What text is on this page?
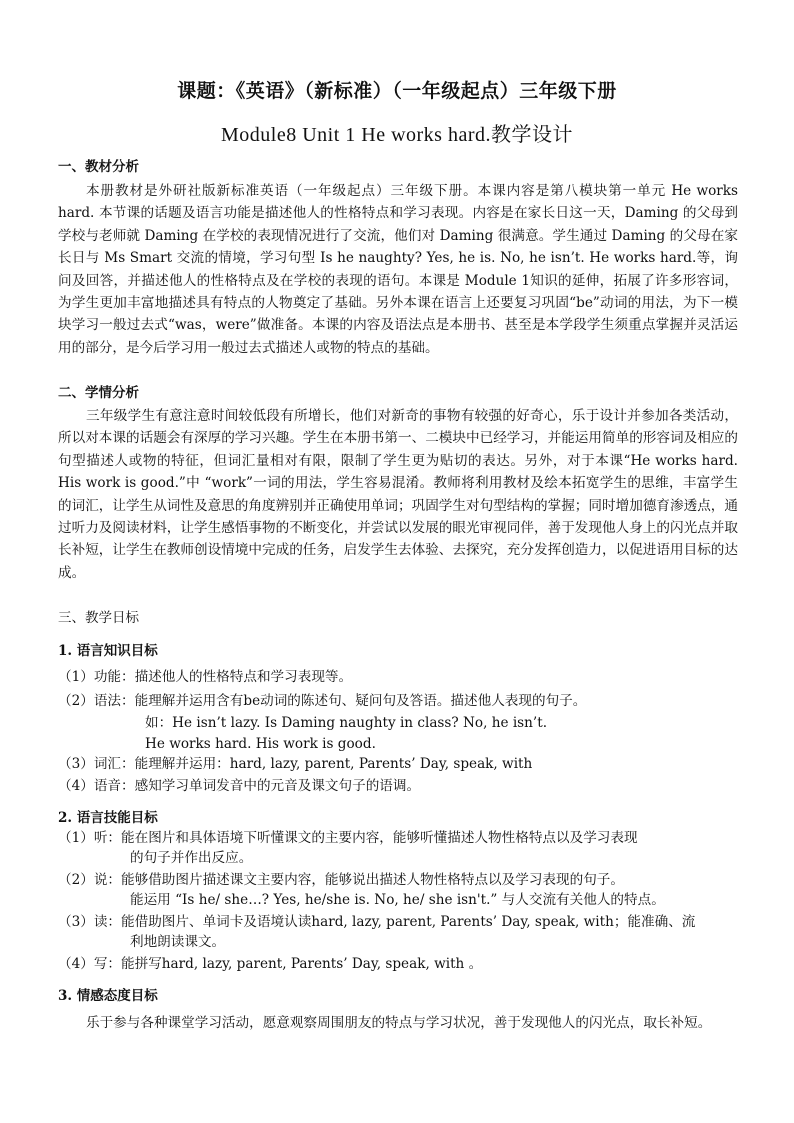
课题：《英语》（新标准）（一年级起点）三年级下册
Module8 Unit 1 He works hard.教学设计

一、教材分析

本册教材是外研社版新标准英语（一年级起点）三年级下册。本课内容是第八模块第一单元 He works hard. 本节课的话题及语言功能是描述他人的性格特点和学习表现。内容是在家长日这一天，Daming 的父母到学校与老师就 Daming 在学校的表现情况进行了交流，他们对 Daming 很满意。学生通过 Daming 的父母在家长日与 Ms Smart 交流的情境，学习句型 Is he naughty? Yes, he is. No, he isn’t. He works hard.等，询问及回答，并描述他人的性格特点及在学校的表现的语句。本课是 Module 1知识的延伸，拓展了许多形容词，为学生更加丰富地描述具有特点的人物奠定了基础。另外本课在语言上还要复习巩固“be”动词的用法，为下一模块学习一般过去式“was，were”做准备。本课的内容及语法点是本册书、甚至是本学段学生须重点掌握并灵活运用的部分，是今后学习用一般过去式描述人或物的特点的基础。

二、学情分析

三年级学生有意注意时间较低段有所增长，他们对新奇的事物有较强的好奇心，乐于设计并参加各类活动，所以对本课的话题会有深厚的学习兴趣。学生在本册书第一、二模块中已经学习，并能运用简单的形容词及相应的句型描述人或物的特征，但词汇量相对有限，限制了学生更为贴切的表达。另外，对于本课“He works hard. His work is good.”中 “work”一词的用法，学生容易混淆。教师将利用教材及绘本拓宽学生的思维，丰富学生的词汇，让学生从词性及意思的角度辨别并正确使用单词；巩固学生对句型结构的掌握；同时增加德育渗透点，通过听力及阅读材料，让学生感悟事物的不断变化，并尝试以发展的眼光审视同伴，善于发现他人身上的闪光点并取长补短，让学生在教师创设情境中完成的任务，启发学生去体验、去探究，充分发挥创造力，以促进语用目标的达成。

三、教学日标

1. 语言知识目标

（1）功能：描述他人的性格特点和学习表现等。

（2）语法：能理解并运用含有be动词的陈述句、疑问句及答语。描述他人表现的句子。

如：He isn’t lazy. Is Daming naughty in class? No, he isn’t.

He works hard. His work is good.

（3）词汇：能理解并运用：hard, lazy, parent, Parents’ Day, speak, with

（4）语音：感知学习单词发音中的元音及课文句子的语调。

2. 语言技能目标

（1）听：能在图片和具体语境下听懂课文的主要内容，能够听懂描述人物性格特点以及学习表现

的句子并作出反应。

（2）说：能够借助图片描述课文主要内容，能够说出描述人物性格特点以及学习表现的句子。

能运用 “Is he/ she…? Yes, he/she is. No, he/ she isn't.” 与人交流有关他人的特点。

（3）读：能借助图片、单词卡及语境认读hard, lazy, parent, Parents’ Day, speak, with；能准确、流

利地朗读课文。

（4）写：能拼写hard, lazy, parent, Parents’ Day, speak, with 。

3. 情感态度目标

乐于参与各种课堂学习活动，愿意观察周围朋友的特点与学习状况，善于发现他人的闪光点，取长补短。
